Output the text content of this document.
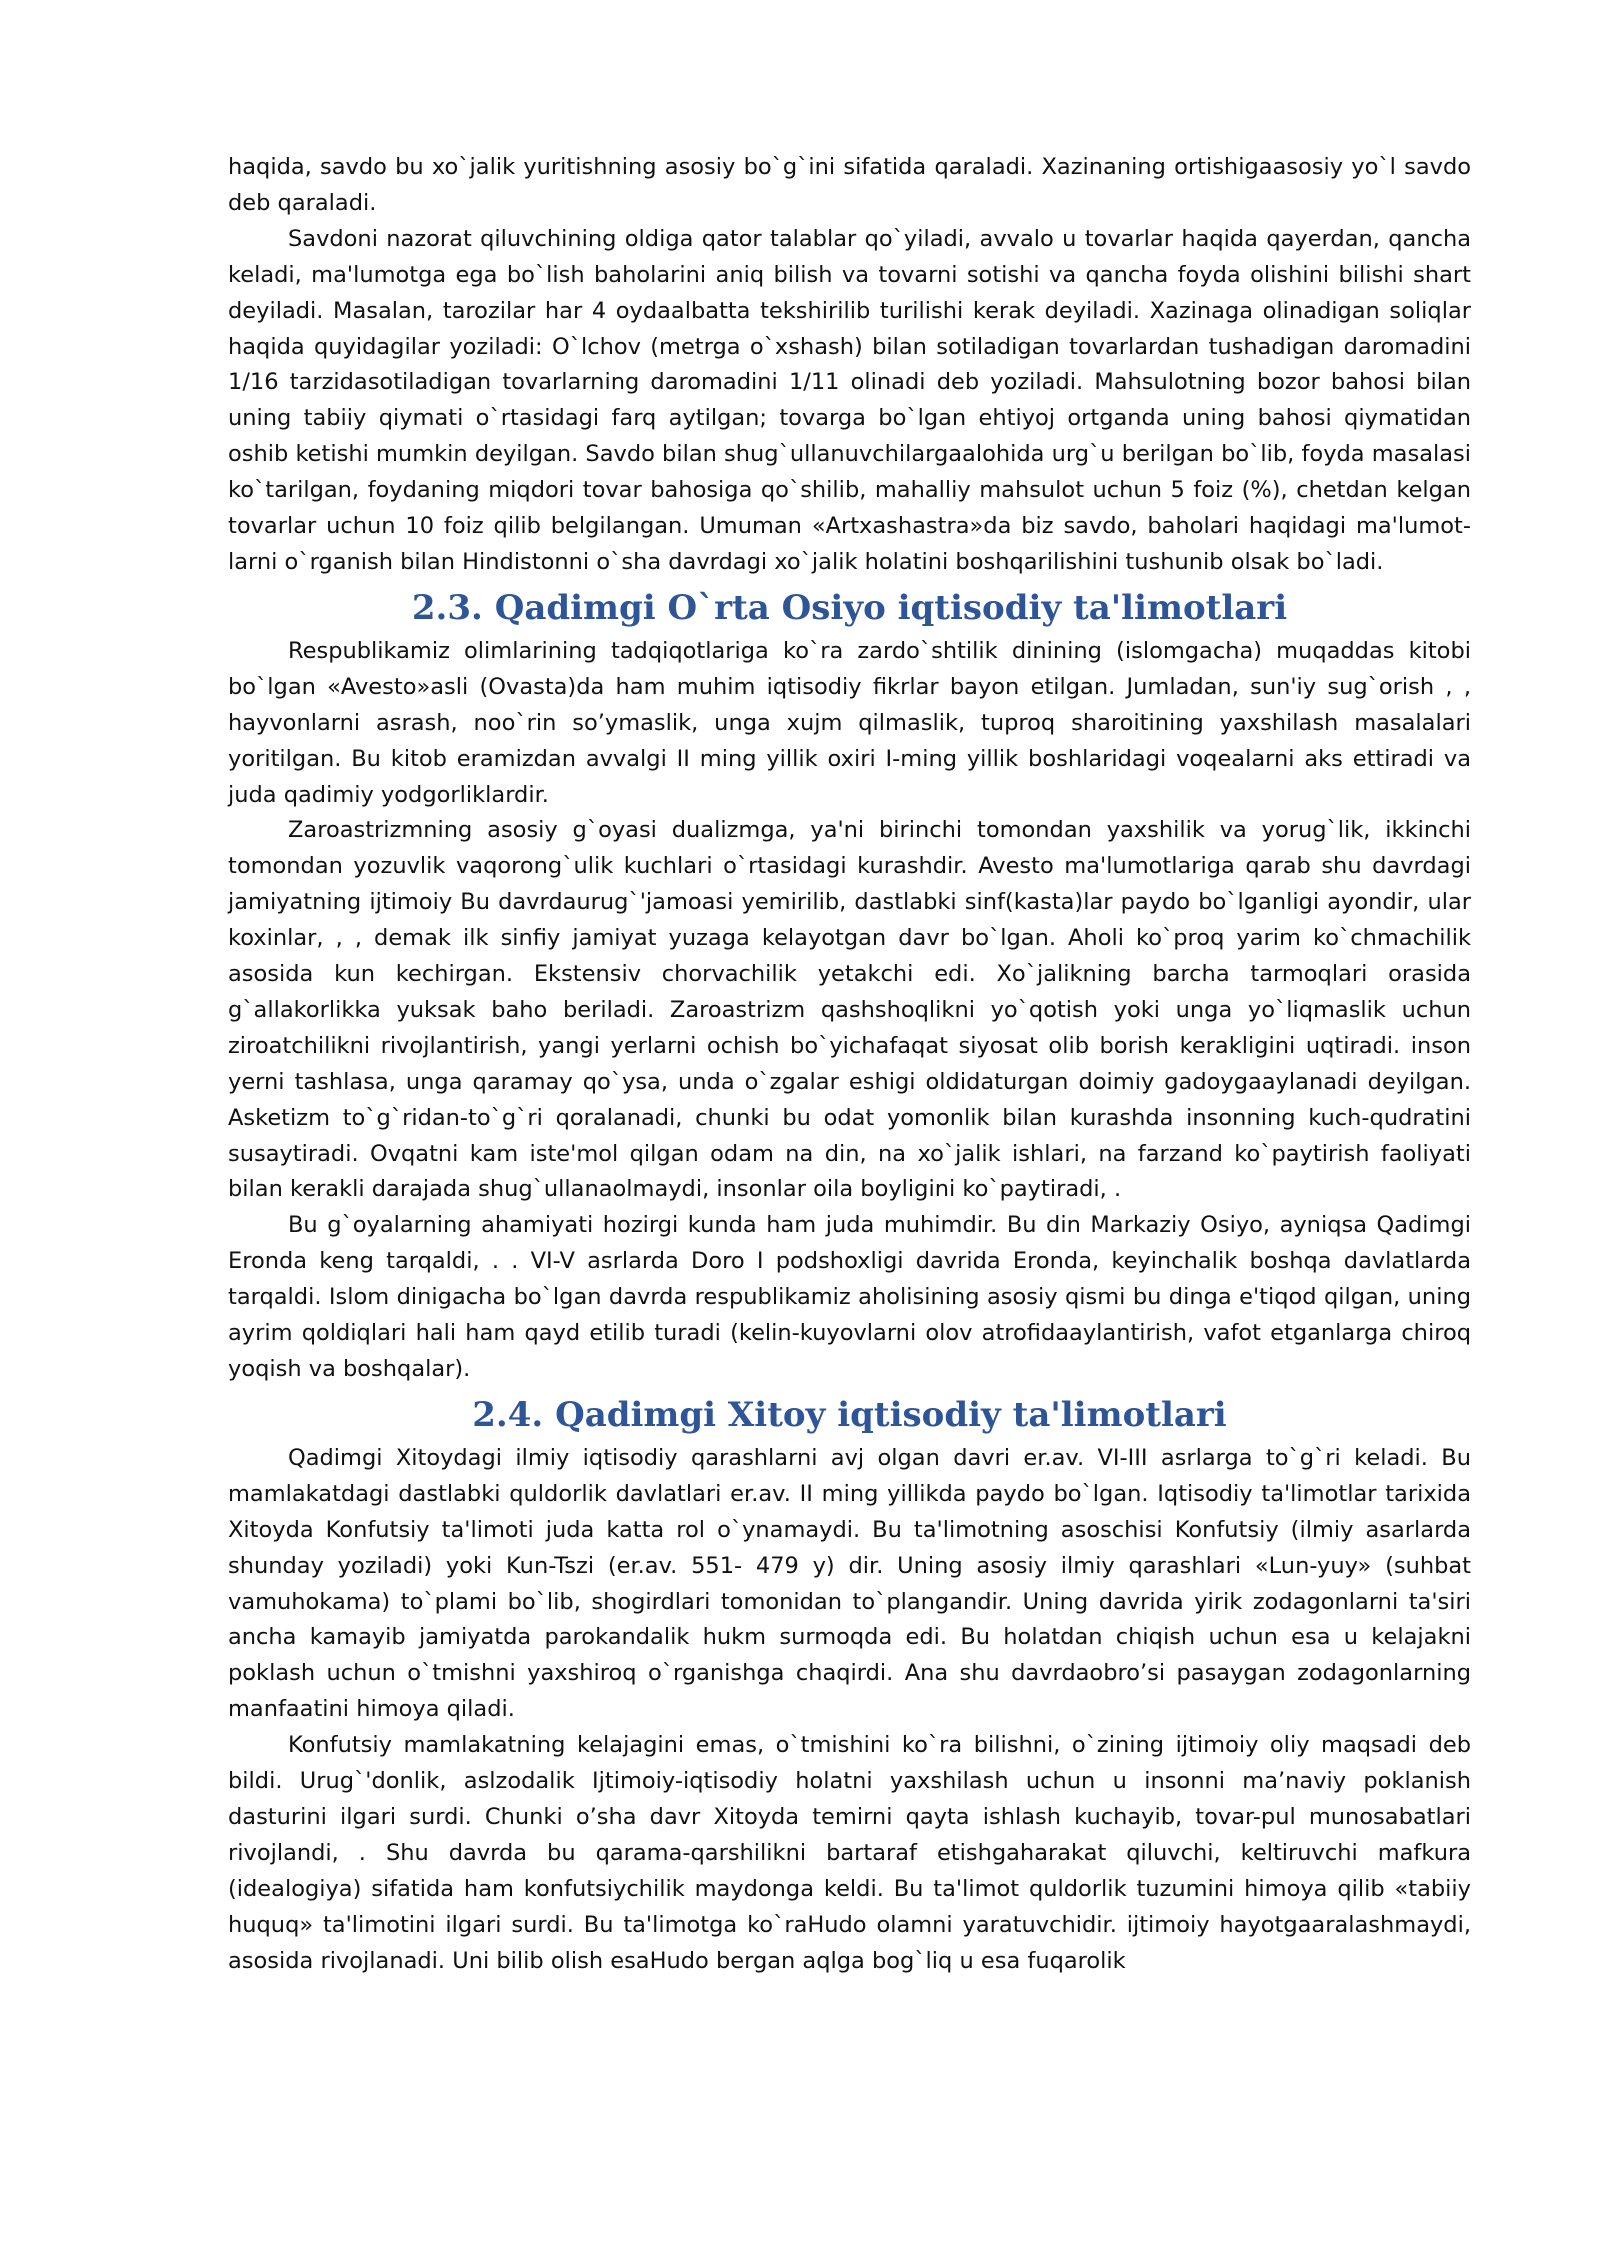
haqida, savdo bu xo`jalik yuritishning asosiy bo`g`ini sifatida qaraladi. Xazinaning ortishigaasosiy yo`l savdo deb qaraladi.

Savdoni nazorat qiluvchining oldiga qator talablar qo`yiladi, avvalo u tovarlar haqida qayerdan, qancha keladi, ma'lumotga ega bo`lish baholarini aniq bilish va tovarni sotishi va qancha foyda olishini bilishi shart deyiladi. Masalan, tarozilar har 4 oydaalbatta tekshirilib turilishi kerak deyiladi. Xazinaga olinadigan soliqlar haqida quyidagilar yoziladi: O`lchov (metrga o`xshash) bilan sotiladigan tovarlardan tushadigan daromadini 1/16 tarzidasotiladigan tovarlarning daromadini 1/11 olinadi deb yoziladi. Mahsulotning bozor bahosi bilan uning tabiiy qiymati o`rtasidagi farq aytilgan; tovarga bo`lgan ehtiyoj ortganda uning bahosi qiymatidan oshib ketishi mumkin deyilgan. Savdo bilan shug`ullanuvchilargaalohida urg`u berilgan bo`lib, foyda masalasi ko`tarilgan, foydaning miqdori tovar bahosiga qo`shilib, mahalliy mahsulot uchun 5 foiz (%), chetdan kelgan tovarlar uchun 10 foiz qilib belgilangan. Umuman «Artxashastra»da biz savdo, baholari haqidagi ma'lumot-larni o`rganish bilan Hindistonni o`sha davrdagi xo`jalik holatini boshqarilishini tushunib olsak bo`ladi.

2.3. Qadimgi O`rta Osiyo iqtisodiy ta'limotlari

Respublikamiz olimlarining tadqiqotlariga ko`ra zardo`shtilik dinining (islomgacha) muqaddas kitobi bo`lgan «Avesto»asli (Ovasta)da ham muhim iqtisodiy fikrlar bayon etilgan. Jumladan, sun'iy sug`orish , , hayvonlarni asrash, noo`rin so’ymaslik, unga xujm qilmaslik, tuproq sharoitining yaxshilash masalalari yoritilgan. Bu kitob eramizdan avvalgi II ming yillik oxiri I-ming yillik boshlaridagi voqealarni aks ettiradi va juda qadimiy yodgorliklardir.

Zaroastrizmning asosiy g`oyasi dualizmga, ya'ni birinchi tomondan yaxshilik va yorug`lik, ikkinchi tomondan yozuvlik vaqorong`ulik kuchlari o`rtasidagi kurashdir. Avesto ma'lumotlariga qarab shu davrdagi jamiyatning ijtimoiy Bu davrdaurug`'jamoasi yemirilib, dastlabki sinf(kasta)lar paydo bo`lganligi ayondir, ular koxinlar, , , demak ilk sinfiy jamiyat yuzaga kelayotgan davr bo`lgan. Aholi ko`proq yarim ko`chmachilik asosida kun kechirgan. Ekstensiv chorvachilik yetakchi edi. Xo`jalikning barcha tarmoqlari orasida g`allakorlikka yuksak baho beriladi. Zaroastrizm qashshoqlikni yo`qotish yoki unga yo`liqmaslik uchun ziroatchilikni rivojlantirish, yangi yerlarni ochish bo`yichafaqat siyosat olib borish kerakligini uqtiradi. inson yerni tashlasa, unga qaramay qo`ysa, unda o`zgalar eshigi oldidaturgan doimiy gadoygaaylanadi deyilgan. Asketizm to`g`ridan-to`g`ri qoralanadi, chunki bu odat yomonlik bilan kurashda insonning kuch-qudratini susaytiradi. Ovqatni kam iste'mol qilgan odam na din, na xo`jalik ishlari, na farzand ko`paytirish faoliyati bilan kerakli darajada shug`ullanaolmaydi, insonlar oila boyligini ko`paytiradi, .

Bu g`oyalarning ahamiyati hozirgi kunda ham juda muhimdir. Bu din Markaziy Osiyo, ayniqsa Qadimgi Eronda keng tarqaldi, . . VI-V asrlarda Doro I podshoxligi davrida Eronda, keyinchalik boshqa davlatlarda tarqaldi. Islom dinigacha bo`lgan davrda respublikamiz aholisining asosiy qismi bu dinga e'tiqod qilgan, uning ayrim qoldiqlari hali ham qayd etilib turadi (kelin-kuyovlarni olov atrofidaaylantirish, vafot etganlarga chiroq yoqish va boshqalar).

2.4. Qadimgi Xitoy iqtisodiy ta'limotlari

Qadimgi Xitoydagi ilmiy iqtisodiy qarashlarni avj olgan davri er.av. VI-III asrlarga to`g`ri keladi. Bu mamlakatdagi dastlabki quldorlik davlatlari er.av. II ming yillikda paydo bo`lgan. Iqtisodiy ta'limotlar tarixida Xitoyda Konfutsiy ta'limoti juda katta rol o`ynamaydi. Bu ta'limotning asoschisi Konfutsiy (ilmiy asarlarda shunday yoziladi) yoki Kun-Tszi (er.av. 551- 479 y) dir. Uning asosiy ilmiy qarashlari «Lun-yuy» (suhbat vamuhokama) to`plami bo`lib, shogirdlari tomonidan to`plangandir. Uning davrida yirik zodagonlarni ta'siri ancha kamayib jamiyatda parokandalik hukm surmoqda edi. Bu holatdan chiqish uchun esa u kelajakni poklash uchun o`tmishni yaxshiroq o`rganishga chaqirdi. Ana shu davrdaobro’si pasaygan zodagonlarning manfaatini himoya qiladi.

Konfutsiy mamlakatning kelajagini emas, o`tmishini ko`ra bilishni, o`zining ijtimoiy oliy maqsadi deb bildi. Urug`'donlik, aslzodalik Ijtimoiy-iqtisodiy holatni yaxshilash uchun u insonni ma’naviy poklanish dasturini ilgari surdi. Chunki o’sha davr Xitoyda temirni qayta ishlash kuchayib, tovar-pul munosabatlari rivojlandi, . Shu davrda bu qarama-qarshilikni bartaraf etishgaharakat qiluvchi, keltiruvchi mafkura (idealogiya) sifatida ham konfutsiychilik maydonga keldi. Bu ta'limot quldorlik tuzumini himoya qilib «tabiiy huquq» ta'limotini ilgari surdi. Bu ta'limotga ko`raHudo olamni yaratuvchidir. ijtimoiy hayotgaaralashmaydi, asosida rivojlanadi. Uni bilib olish esaHudo bergan aqlga bog`liq u esa fuqarolik
